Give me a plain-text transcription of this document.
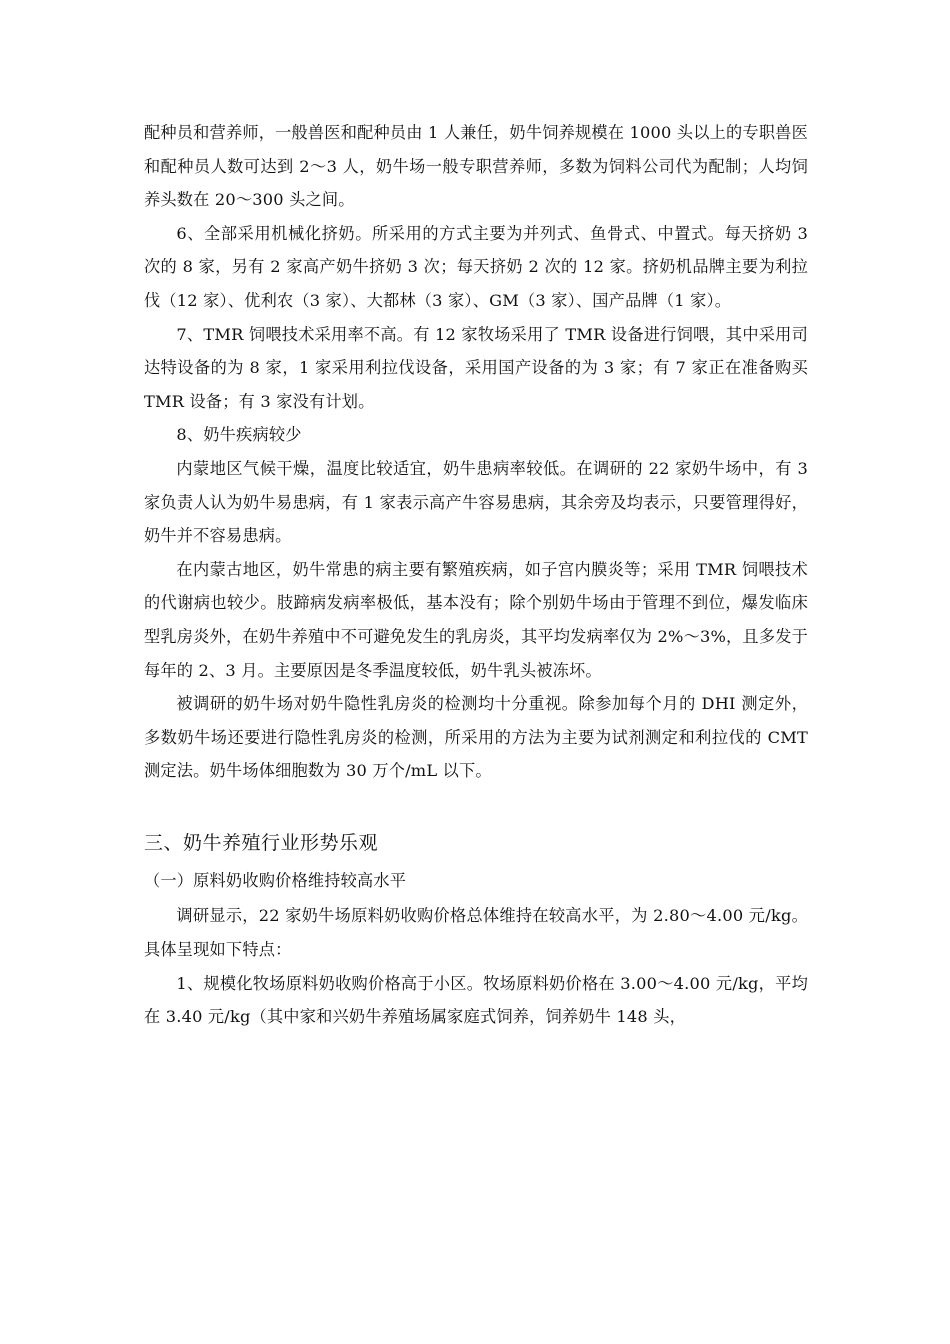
配种员和营养师，一般兽医和配种员由 1 人兼任，奶牛饲养规模在 1000 头以上的专职兽医和配种员人数可达到 2～3 人，奶牛场一般专职营养师，多数为饲料公司代为配制；人均饲养头数在 20～300 头之间。

6、全部采用机械化挤奶。所采用的方式主要为并列式、鱼骨式、中置式。每天挤奶 3 次的 8 家，另有 2 家高产奶牛挤奶 3 次；每天挤奶 2 次的 12 家。挤奶机品牌主要为利拉伐（12 家）、优利农（3 家）、大都林（3 家）、GM（3 家）、国产品牌（1 家）。

7、TMR 饲喂技术采用率不高。有 12 家牧场采用了 TMR 设备进行饲喂，其中采用司达特设备的为 8 家，1 家采用利拉伐设备，采用国产设备的为 3 家；有 7 家正在准备购买 TMR 设备；有 3 家没有计划。

8、奶牛疾病较少

内蒙地区气候干燥，温度比较适宜，奶牛患病率较低。在调研的 22 家奶牛场中，有 3 家负责人认为奶牛易患病，有 1 家表示高产牛容易患病，其余旁及均表示，只要管理得好，奶牛并不容易患病。

在内蒙古地区，奶牛常患的病主要有繁殖疾病，如子宫内膜炎等；采用 TMR 饲喂技术的代谢病也较少。肢蹄病发病率极低，基本没有；除个别奶牛场由于管理不到位，爆发临床型乳房炎外，在奶牛养殖中不可避免发生的乳房炎，其平均发病率仅为 2%～3%，且多发于每年的 2、3 月。主要原因是冬季温度较低，奶牛乳头被冻坏。

被调研的奶牛场对奶牛隐性乳房炎的检测均十分重视。除参加每个月的 DHI 测定外，多数奶牛场还要进行隐性乳房炎的检测，所采用的方法为主要为试剂测定和利拉伐的 CMT 测定法。奶牛场体细胞数为 30 万个/mL 以下。

三、奶牛养殖行业形势乐观
（一）原料奶收购价格维持较高水平

调研显示，22 家奶牛场原料奶收购价格总体维持在较高水平，为 2.80～4.00 元/kg。具体呈现如下特点：

1、规模化牧场原料奶收购价格高于小区。牧场原料奶价格在 3.00～4.00 元/kg，平均在 3.40 元/kg（其中家和兴奶牛养殖场属家庭式饲养，饲养奶牛 148 头，
